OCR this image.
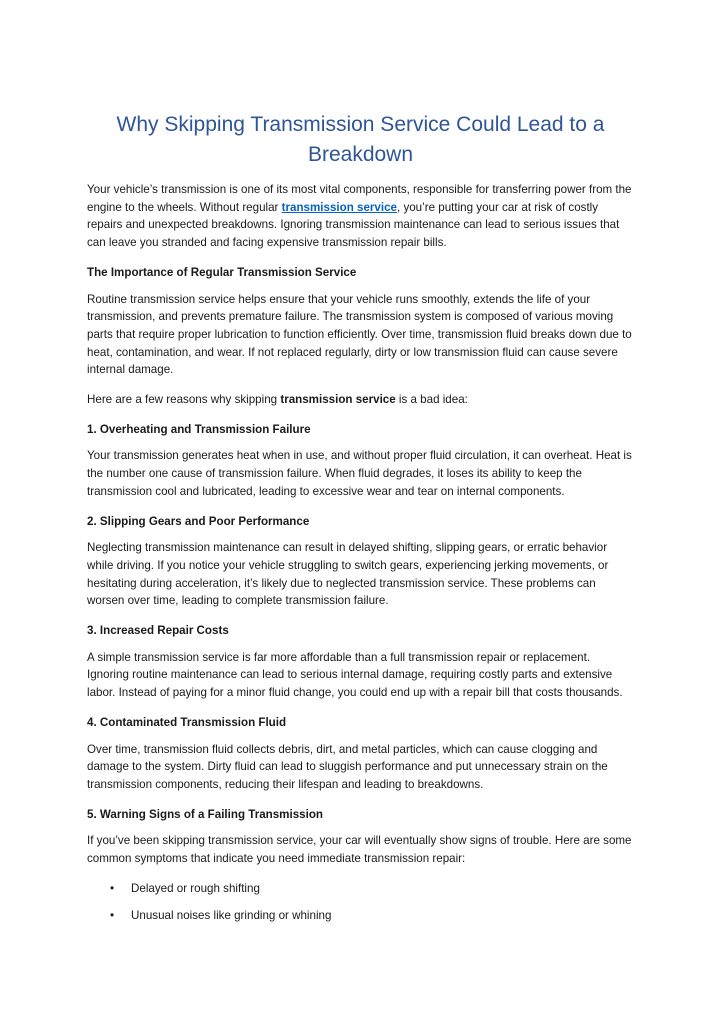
Why Skipping Transmission Service Could Lead to a Breakdown

Your vehicle’s transmission is one of its most vital components, responsible for transferring power from the engine to the wheels. Without regular transmission service, you’re putting your car at risk of costly repairs and unexpected breakdowns. Ignoring transmission maintenance can lead to serious issues that can leave you stranded and facing expensive transmission repair bills.

The Importance of Regular Transmission Service

Routine transmission service helps ensure that your vehicle runs smoothly, extends the life of your transmission, and prevents premature failure. The transmission system is composed of various moving parts that require proper lubrication to function efficiently. Over time, transmission fluid breaks down due to heat, contamination, and wear. If not replaced regularly, dirty or low transmission fluid can cause severe internal damage.

Here are a few reasons why skipping transmission service is a bad idea:

1. Overheating and Transmission Failure

Your transmission generates heat when in use, and without proper fluid circulation, it can overheat. Heat is the number one cause of transmission failure. When fluid degrades, it loses its ability to keep the transmission cool and lubricated, leading to excessive wear and tear on internal components.

2. Slipping Gears and Poor Performance

Neglecting transmission maintenance can result in delayed shifting, slipping gears, or erratic behavior while driving. If you notice your vehicle struggling to switch gears, experiencing jerking movements, or hesitating during acceleration, it’s likely due to neglected transmission service. These problems can worsen over time, leading to complete transmission failure.

3. Increased Repair Costs

A simple transmission service is far more affordable than a full transmission repair or replacement. Ignoring routine maintenance can lead to serious internal damage, requiring costly parts and extensive labor. Instead of paying for a minor fluid change, you could end up with a repair bill that costs thousands.

4. Contaminated Transmission Fluid

Over time, transmission fluid collects debris, dirt, and metal particles, which can cause clogging and damage to the system. Dirty fluid can lead to sluggish performance and put unnecessary strain on the transmission components, reducing their lifespan and leading to breakdowns.

5. Warning Signs of a Failing Transmission

If you’ve been skipping transmission service, your car will eventually show signs of trouble. Here are some common symptoms that indicate you need immediate transmission repair:

• Delayed or rough shifting
• Unusual noises like grinding or whining
